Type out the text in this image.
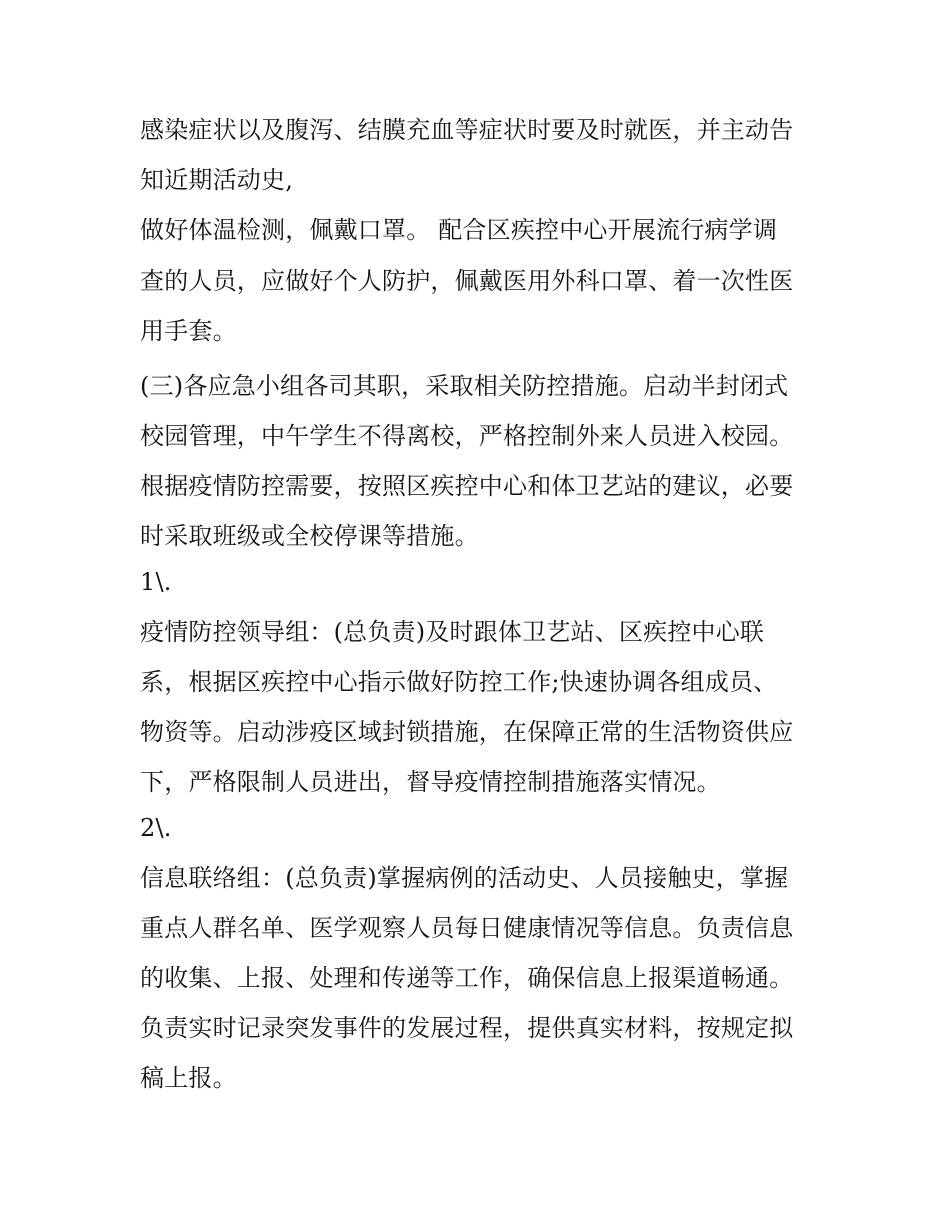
感染症状以及腹泻、结膜充血等症状时要及时就医，并主动告

知近期活动史,

做好体温检测，佩戴口罩。 配合区疾控中心开展流行病学调

查的人员，应做好个人防护，佩戴医用外科口罩、着一次性医

用手套。

(三)各应急小组各司其职，采取相关防控措施。启动半封闭式

校园管理，中午学生不得离校，严格控制外来人员进入校园。

根据疫情防控需要，按照区疾控中心和体卫艺站的建议，必要

时采取班级或全校停课等措施。

1\.

疫情防控领导组：(总负责)及时跟体卫艺站、区疾控中心联

系，根据区疾控中心指示做好防控工作;快速协调各组成员、

物资等。启动涉疫区域封锁措施，在保障正常的生活物资供应

下，严格限制人员进出，督导疫情控制措施落实情况。

2\.

信息联络组：(总负责)掌握病例的活动史、人员接触史，掌握

重点人群名单、医学观察人员每日健康情况等信息。负责信息

的收集、上报、处理和传递等工作，确保信息上报渠道畅通。

负责实时记录突发事件的发展过程，提供真实材料，按规定拟

稿上报。
